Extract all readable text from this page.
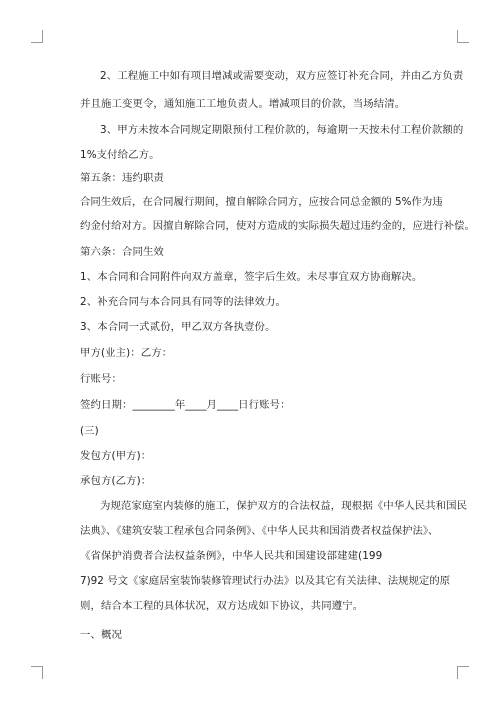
2、工程施工中如有项目增减或需要变动，双方应签订补充合同，并由乙方负责
并且施工变更令，通知施工工地负责人。增减项目的价款，当场结清。
3、甲方未按本合同规定期限预付工程价款的，每逾期一天按未付工程价款额的
1%支付给乙方。
第五条：违约职责
合同生效后，在合同履行期间，擅自解除合同方，应按合同总金额的 5%作为违
约金付给对方。因擅自解除合同，使对方造成的实际损失超过违约金的，应进行补偿。
第六条：合同生效
1、本合同和合同附件向双方盖章，签字后生效。未尽事宜双方协商解决。
2、补充合同与本合同具有同等的法律效力。
3、本合同一式贰份，甲乙双方各执壹份。
甲方(业主)：乙方：
行账号：
签约日期：________年____月____日行账号：
(三)
发包方(甲方)：
承包方(乙方)：
为规范家庭室内装修的施工，保护双方的合法权益，现根据《中华人民共和国民
法典》、《建筑安装工程承包合同条例》、《中华人民共和国消费者权益保护法》、
《省保护消费者合法权益条例》，中华人民共和国建设部建建(199
7)92 号文《家庭居室装饰装修管理试行办法》以及其它有关法律、法规规定的原
则，结合本工程的具体状况，双方达成如下协议，共同遵宁。
一、概况
